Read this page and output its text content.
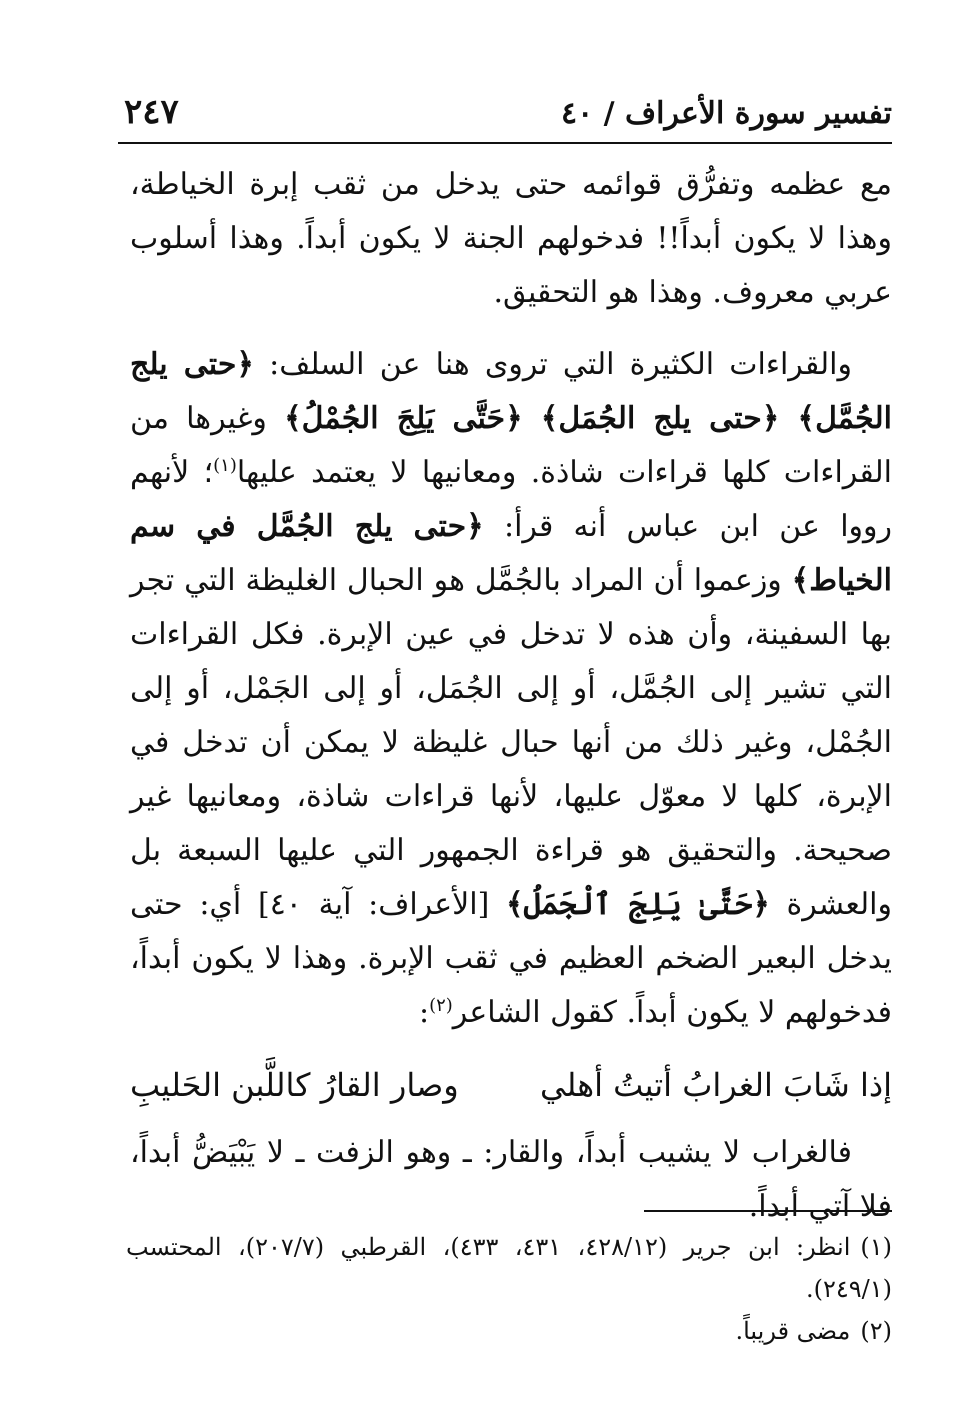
تفسير سورة الأعراف / ٤٠
٢٤٧

مع عظمه وتفرُّق قوائمه حتى يدخل من ثقب إبرة الخياطة، وهذا لا يكون أبداً!! فدخولهم الجنة لا يكون أبداً. وهذا أسلوب عربي معروف. وهذا هو التحقيق.

والقراءات الكثيرة التي تروى هنا عن السلف: ﴿حتى يلج الجُمَّل﴾ ﴿حتى يلج الجُمَل﴾ ﴿حَتَّى يَلِجَ الجُمْلُ﴾ وغيرها من القراءات كلها قراءات شاذة. ومعانيها لا يعتمد عليها$^{(١)}$؛ لأنهم رووا عن ابن عباس أنه قرأ: ﴿حتى يلج الجُمَّل في سم الخياط﴾ وزعموا أن المراد بالجُمَّل هو الحبال الغليظة التي تجر بها السفينة، وأن هذه لا تدخل في عين الإبرة. فكل القراءات التي تشير إلى الجُمَّل، أو إلى الجُمَل، أو إلى الجَمْل، أو إلى الجُمْل، وغير ذلك من أنها حبال غليظة لا يمكن أن تدخل في الإبرة، كلها لا معوّل عليها، لأنها قراءات شاذة، ومعانيها غير صحيحة. والتحقيق هو قراءة الجمهور التي عليها السبعة بل والعشرة ﴿حَتَّىٰ يَلِجَ ٱلْجَمَلُ﴾ [الأعراف: آية ٤٠] أي: حتى يدخل البعير الضخم العظيم في ثقب الإبرة. وهذا لا يكون أبداً، فدخولهم لا يكون أبداً. كقول الشاعر$^{(٢)}$:

إذا شَابَ الغرابُ أتيتُ أهلي
وصار القارُ كاللَّبن الحَليبِ

فالغراب لا يشيب أبداً، والقار: ـ وهو الزفت ـ لا يَبْيَضُّ أبداً، فلا آتي أبداً.

(١)انظر: ابن جرير (٤٢٨/١٢، ٤٣١، ٤٣٣)، القرطبي (٢٠٧/٧)، المحتسب (٢٤٩/١).

(٢)مضى قريباً.
